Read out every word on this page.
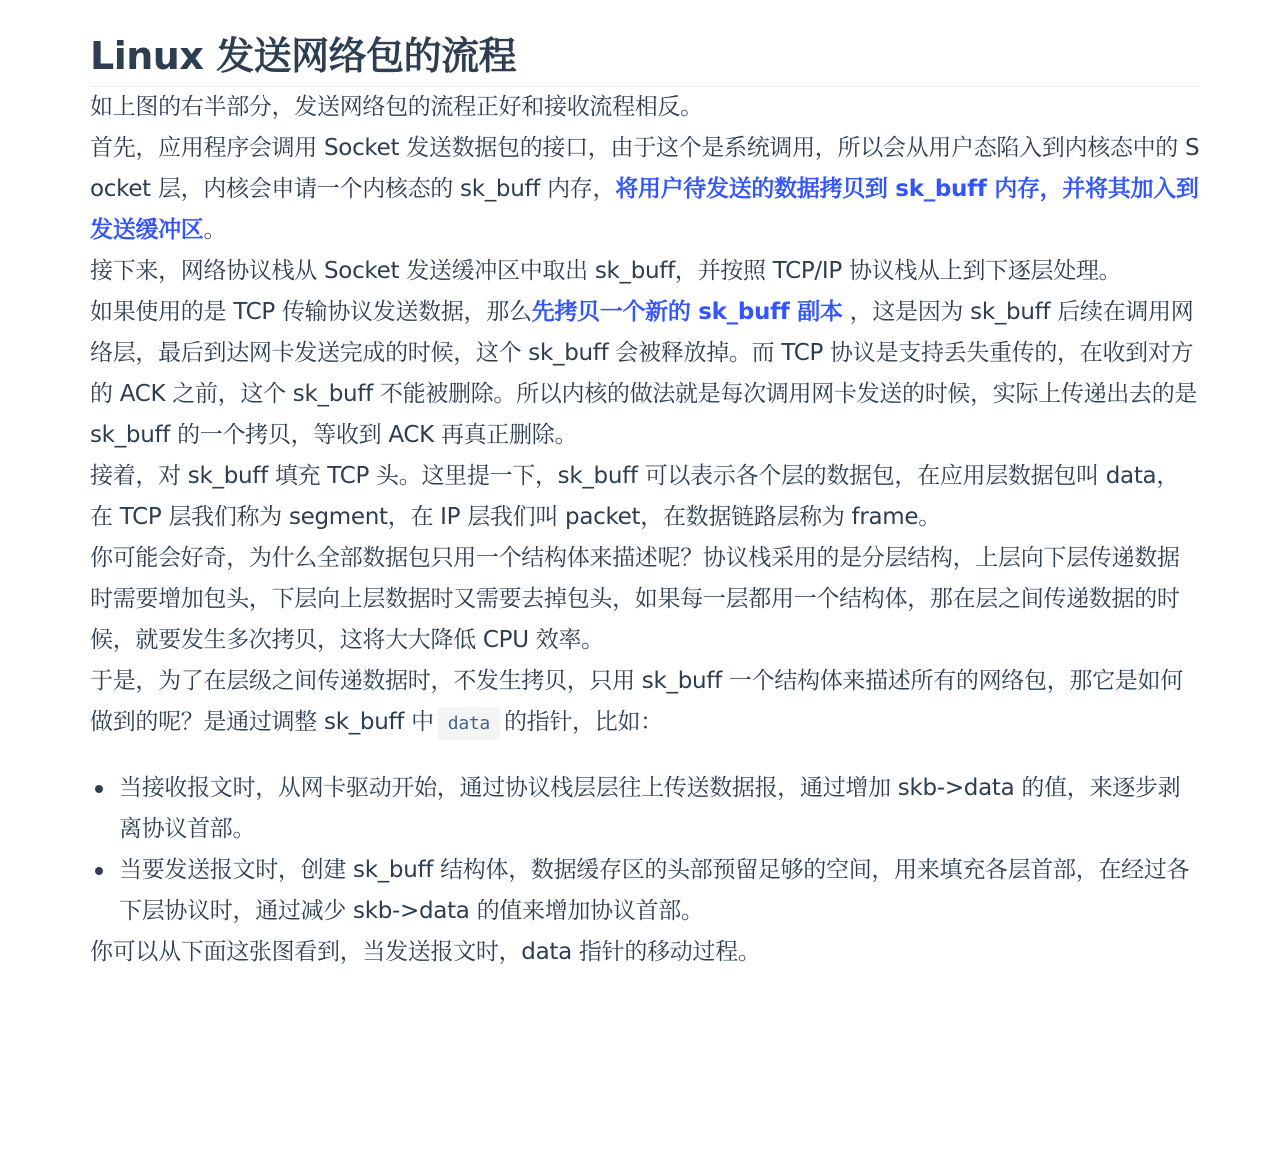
Linux 发送网络包的流程

如上图的右半部分，发送网络包的流程正好和接收流程相反。

首先，应用程序会调用 Socket 发送数据包的接口，由于这个是系统调用，所以会从用户态陷入到内核态中的 Socket 层，内核会申请一个内核态的 sk_buff 内存，将用户待发送的数据拷贝到 sk_buff 内存，并将其加入到发送缓冲区。

接下来，网络协议栈从 Socket 发送缓冲区中取出 sk_buff，并按照 TCP/IP 协议栈从上到下逐层处理。

如果使用的是 TCP 传输协议发送数据，那么先拷贝一个新的 sk_buff 副本 ，这是因为 sk_buff 后续在调用网络层，最后到达网卡发送完成的时候，这个 sk_buff 会被释放掉。而 TCP 协议是支持丢失重传的，在收到对方的 ACK 之前，这个 sk_buff 不能被删除。所以内核的做法就是每次调用网卡发送的时候，实际上传递出去的是 sk_buff 的一个拷贝，等收到 ACK 再真正删除。

接着，对 sk_buff 填充 TCP 头。这里提一下，sk_buff 可以表示各个层的数据包，在应用层数据包叫 data，在 TCP 层我们称为 segment，在 IP 层我们叫 packet，在数据链路层称为 frame。

你可能会好奇，为什么全部数据包只用一个结构体来描述呢？协议栈采用的是分层结构，上层向下层传递数据时需要增加包头，下层向上层数据时又需要去掉包头，如果每一层都用一个结构体，那在层之间传递数据的时候，就要发生多次拷贝，这将大大降低 CPU 效率。

于是，为了在层级之间传递数据时，不发生拷贝，只用 sk_buff 一个结构体来描述所有的网络包，那它是如何做到的呢？是通过调整 sk_buff 中 data 的指针，比如：

当接收报文时，从网卡驱动开始，通过协议栈层层往上传送数据报，通过增加 skb->data 的值，来逐步剥离协议首部。
当要发送报文时，创建 sk_buff 结构体，数据缓存区的头部预留足够的空间，用来填充各层首部，在经过各下层协议时，通过减少 skb->data 的值来增加协议首部。

你可以从下面这张图看到，当发送报文时，data 指针的移动过程。
